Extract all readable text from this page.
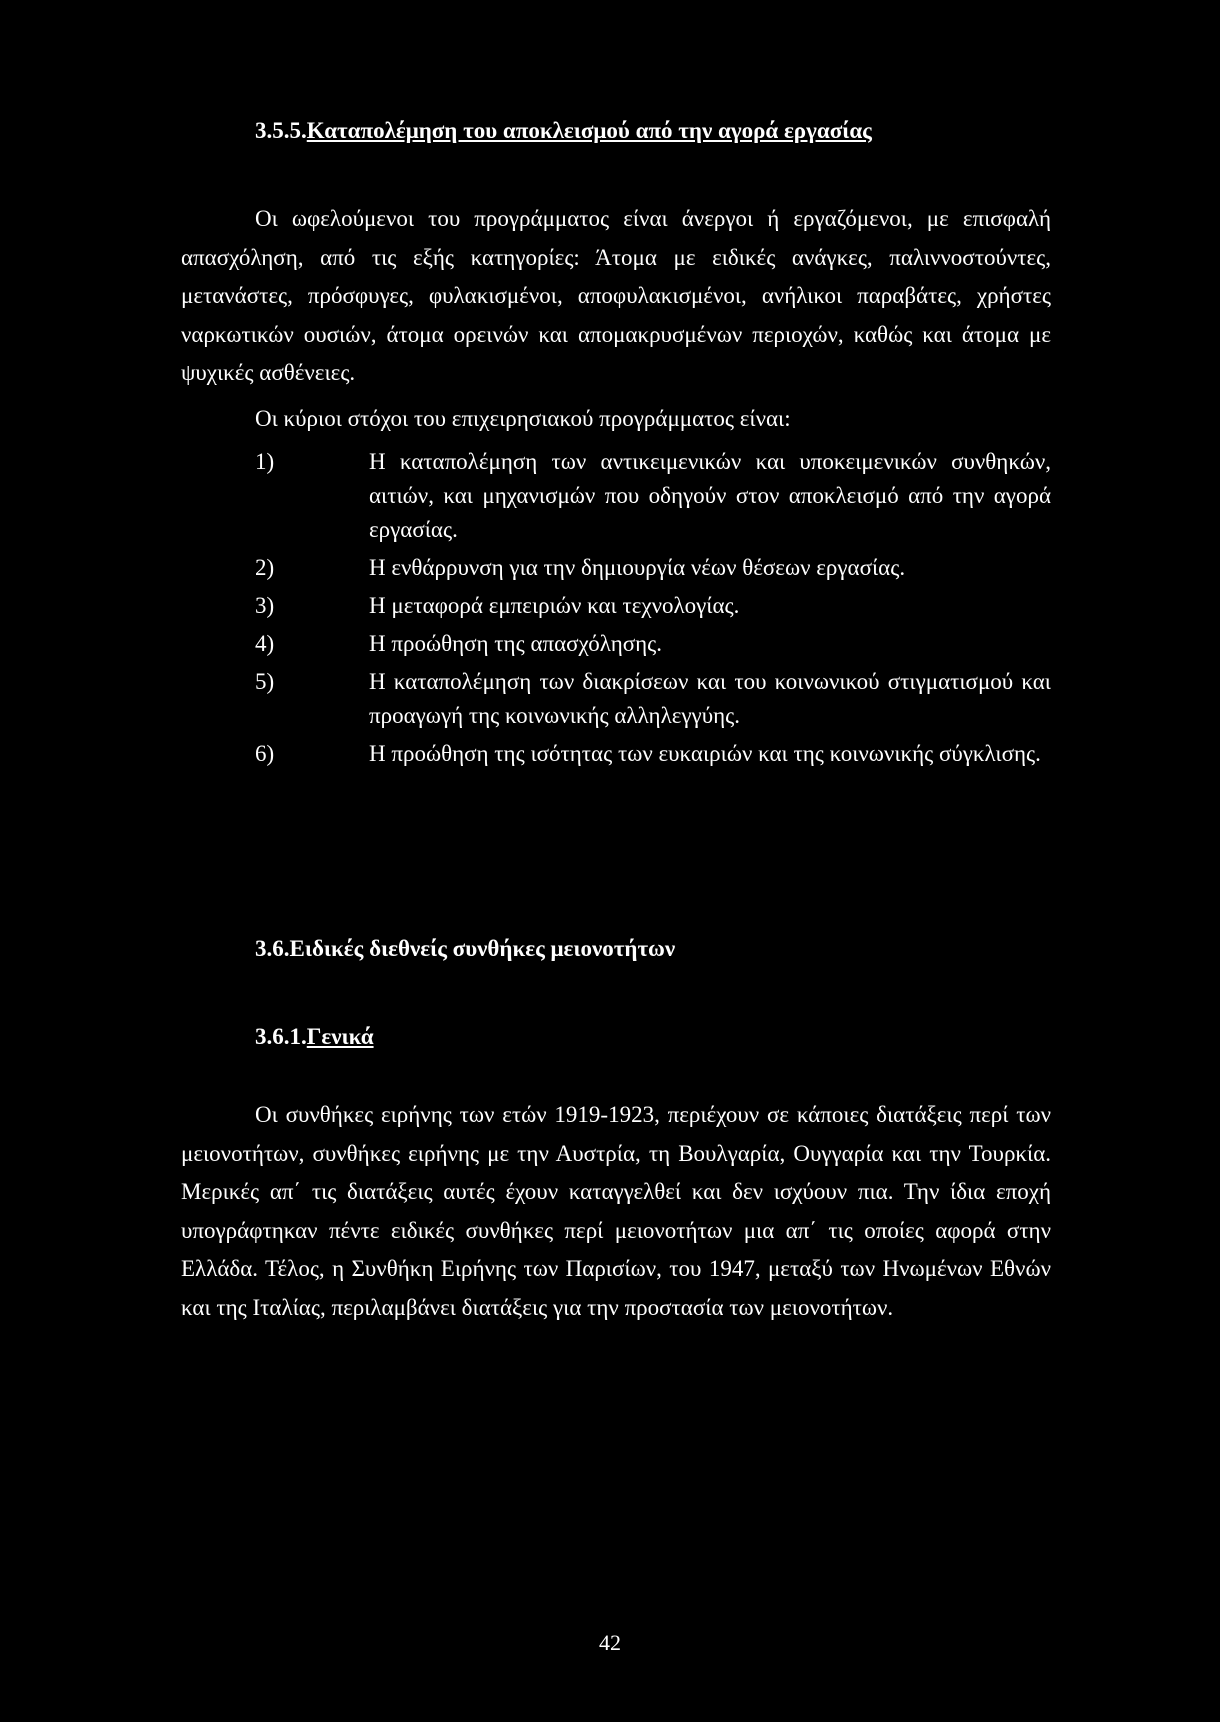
3.5.5.Καταπολέμηση του αποκλεισμού από την αγορά εργασίας
Οι ωφελούμενοι του προγράμματος είναι άνεργοι ή εργαζόμενοι, με επισφαλή απασχόληση, από τις εξής κατηγορίες: Άτομα με ειδικές ανάγκες, παλιννοστούντες, μετανάστες, πρόσφυγες, φυλακισμένοι, αποφυλακισμένοι, ανήλικοι παραβάτες, χρήστες ναρκωτικών ουσιών, άτομα ορεινών και απομακρυσμένων περιοχών, καθώς και άτομα με ψυχικές ασθένειες.
Οι κύριοι στόχοι του επιχειρησιακού προγράμματος είναι:
1)	Η καταπολέμηση των αντικειμενικών και υποκειμενικών συνθηκών, αιτιών, και μηχανισμών που οδηγούν στον αποκλεισμό από την αγορά εργασίας.
2)	Η ενθάρρυνση για την δημιουργία νέων θέσεων εργασίας.
3)	Η μεταφορά εμπειριών και τεχνολογίας.
4)	Η προώθηση της απασχόλησης.
5)	Η καταπολέμηση των διακρίσεων και του κοινωνικού στιγματισμού και προαγωγή της κοινωνικής αλληλεγγύης.
6)	Η προώθηση της ισότητας των ευκαιριών και της κοινωνικής σύγκλισης.
3.6.Ειδικές διεθνείς συνθήκες μειονοτήτων
3.6.1.Γενικά
Οι συνθήκες ειρήνης των ετών 1919-1923, περιέχουν σε κάποιες διατάξεις περί των μειονοτήτων, συνθήκες ειρήνης με την Αυστρία, τη Βουλγαρία, Ουγγαρία και την Τουρκία. Μερικές απ΄ τις διατάξεις αυτές έχουν καταγγελθεί και δεν ισχύουν πια. Την ίδια εποχή υπογράφτηκαν πέντε ειδικές συνθήκες περί μειονοτήτων μια απ΄ τις οποίες αφορά στην Ελλάδα. Τέλος, η Συνθήκη Ειρήνης των Παρισίων, του 1947, μεταξύ των Ηνωμένων Εθνών και της Ιταλίας, περιλαμβάνει διατάξεις για την προστασία των μειονοτήτων.
42
